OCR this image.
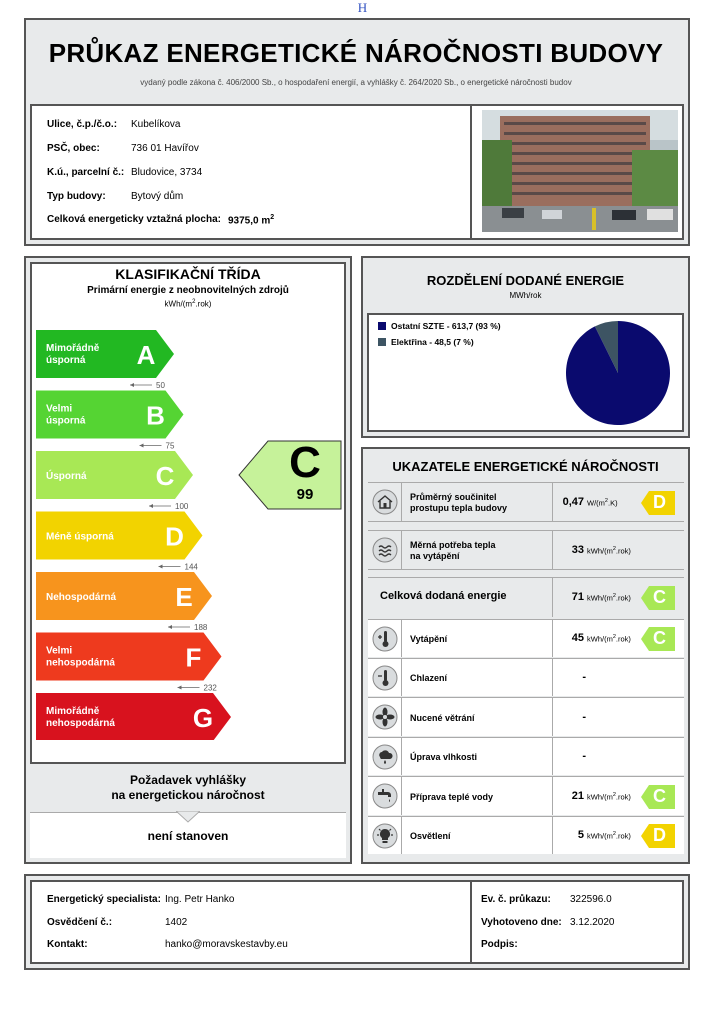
H
PRŮKAZ ENERGETICKÉ NÁROČNOSTI BUDOVY
vydaný podle zákona č. 406/2000 Sb., o hospodaření energií, a vyhlášky č. 264/2020 Sb., o energetické náročnosti budov
Ulice, č.p./č.o.: Kubelíkova
PSČ, obec:	736 01 Havířov
K.ú., parcelní č.: Bludovice, 3734
Typ budovy:	Bytový dům
Celková energeticky vztažná plocha: 9375,0 $m^2$
KLASIFIKAČNÍ TŘÍDA
Primární energie z neobnovitelných zdrojů
kWh/$(m^2.rok)$
Mimořádně
úsporná A
50
Velmi
úsporná B
75
Úsporná	C
100
Méně úsporná D
144
Nehospodárná E
188
Velmi
nehospodárná	F
232
Mimořádně
nehospodárná	G
C
99
Požadavek vyhlášky
na energetickou náročnost
není stanoven
ROZDĚLENÍ DODANÉ ENERGIE
MWh/rok
Ostatní SZTE - 613,7 (93 %)
Elektřina - 48,5 (7 %)
UKAZATELE ENERGETICKÉ NÁROČNOSTI
Průměrný součinitel
prostupu tepla budovy	0,47 $W/(m^2.K)$ D
Měrná potřeba tepla
na vytápění	33 kWh/$(m^2.rok)$
Celková dodaná energie	71 kWh/$(m^2.rok)$ C
Vytápění	45 kWh/$(m^2.rok)$ C
Chlazení	-
Nucené větrání	-
Úprava vlhkosti	-
Příprava teplé vody	21 kWh/$(m^2.rok)$ C
Osvětlení	5 kWh/$(m^2.rok)$ D
Energetický specialista: Ing. Petr Hanko
Osvědčení č.:	1402
Kontakt:	hanko@moravskestavby.eu
Ev. č. průkazu: 322596.0
Vyhotoveno dne: 3.12.2020
Podpis:
